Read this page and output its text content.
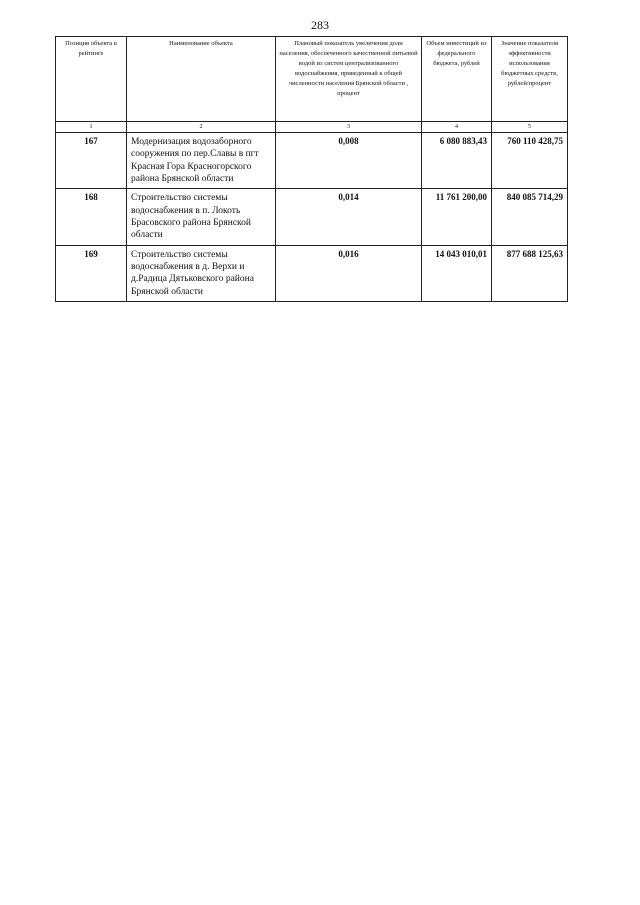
283
Позиция объекта в рейтинге	Наименование объекта	Плановый показатель увеличения доли населения, обеспеченного качественной питьевой водой из систем централизованного водоснабжения, приведенный к общей численности населения Брянской области , процент	Объем инвестиций из федерального бюджета, рублей	Значение показателя эффективности использования бюджетных средств, рублей/процент
1	2	3	4	5
167	Модернизация водозаборного сооружения по пер.Славы в пгт Красная Гора Красногорского района Брянской области	0,008	6 080 883,43	760 110 428,75
168	Строительство системы водоснабжения в п. Локоть Брасовского района Брянской области	0,014	11 761 200,00	840 085 714,29
169	Строительство системы водоснабжения в д. Верхи и д.Радица Дятьковского района Брянской области	0,016	14 043 010,01	877 688 125,63
